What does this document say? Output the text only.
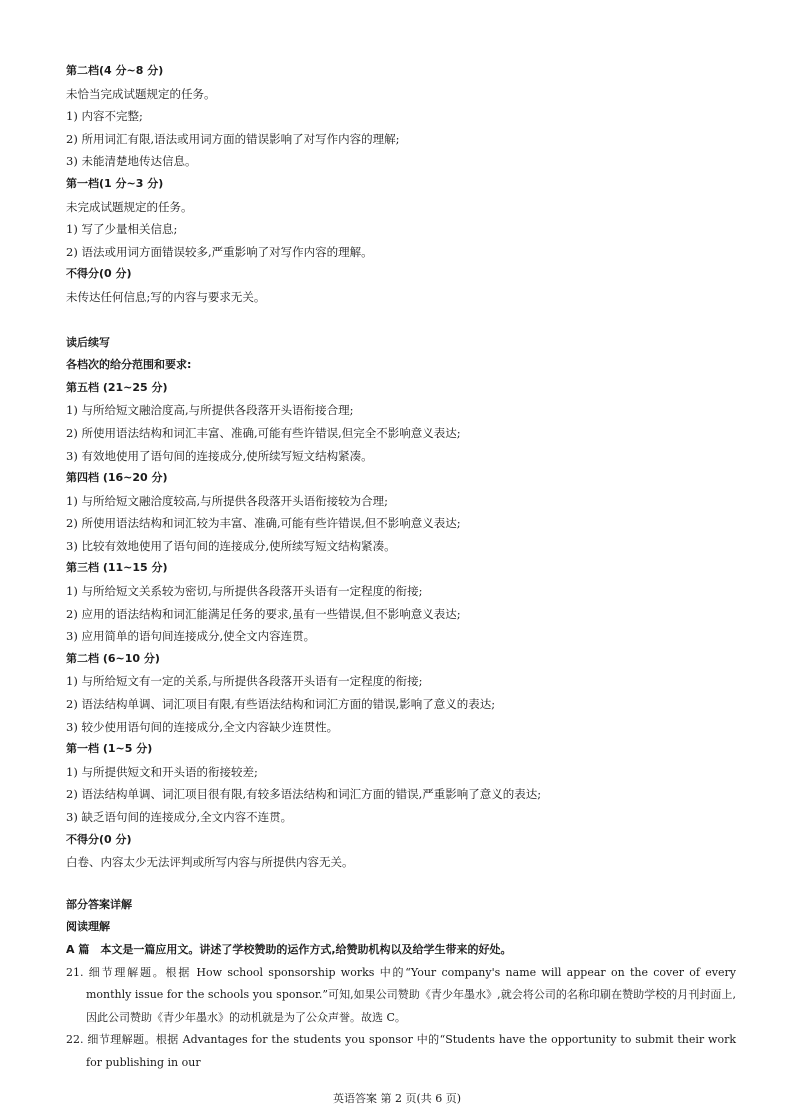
第二档(4 分~8 分)
未恰当完成试题规定的任务。
1) 内容不完整;
2) 所用词汇有限,语法或用词方面的错误影响了对写作内容的理解;
3) 未能清楚地传达信息。
第一档(1 分~3 分)
未完成试题规定的任务。
1) 写了少量相关信息;
2) 语法或用词方面错误较多,严重影响了对写作内容的理解。
不得分(0 分)
未传达任何信息;写的内容与要求无关。
读后续写
各档次的给分范围和要求:
第五档 (21~25 分)
1) 与所给短文融洽度高,与所提供各段落开头语衔接合理;
2) 所使用语法结构和词汇丰富、准确,可能有些许错误,但完全不影响意义表达;
3) 有效地使用了语句间的连接成分,使所续写短文结构紧凑。
第四档 (16~20 分)
1) 与所给短文融洽度较高,与所提供各段落开头语衔接较为合理;
2) 所使用语法结构和词汇较为丰富、准确,可能有些许错误,但不影响意义表达;
3) 比较有效地使用了语句间的连接成分,使所续写短文结构紧凑。
第三档 (11~15 分)
1) 与所给短文关系较为密切,与所提供各段落开头语有一定程度的衔接;
2) 应用的语法结构和词汇能满足任务的要求,虽有一些错误,但不影响意义表达;
3) 应用简单的语句间连接成分,使全文内容连贯。
第二档 (6~10 分)
1) 与所给短文有一定的关系,与所提供各段落开头语有一定程度的衔接;
2) 语法结构单调、词汇项目有限,有些语法结构和词汇方面的错误,影响了意义的表达;
3) 较少使用语句间的连接成分,全文内容缺少连贯性。
第一档 (1~5 分)
1) 与所提供短文和开头语的衔接较差;
2) 语法结构单调、词汇项目很有限,有较多语法结构和词汇方面的错误,严重影响了意义的表达;
3) 缺乏语句间的连接成分,全文内容不连贯。
不得分(0 分)
白卷、内容太少无法评判或所写内容与所提供内容无关。
部分答案详解
阅读理解
A 篇　本文是一篇应用文。讲述了学校赞助的运作方式,给赞助机构以及给学生带来的好处。
21. 细节理解题。根据 How school sponsorship works 中的“Your company's name will appear on the cover of every monthly issue for the schools you sponsor.”可知,如果公司赞助《青少年墨水》,就会将公司的名称印刷在赞助学校的月刊封面上,因此公司赞助《青少年墨水》的动机就是为了公众声誉。故选 C。
22. 细节理解题。根据 Advantages for the students you sponsor 中的“Students have the opportunity to submit their work for publishing in our
英语答案 第 2 页(共 6 页)
